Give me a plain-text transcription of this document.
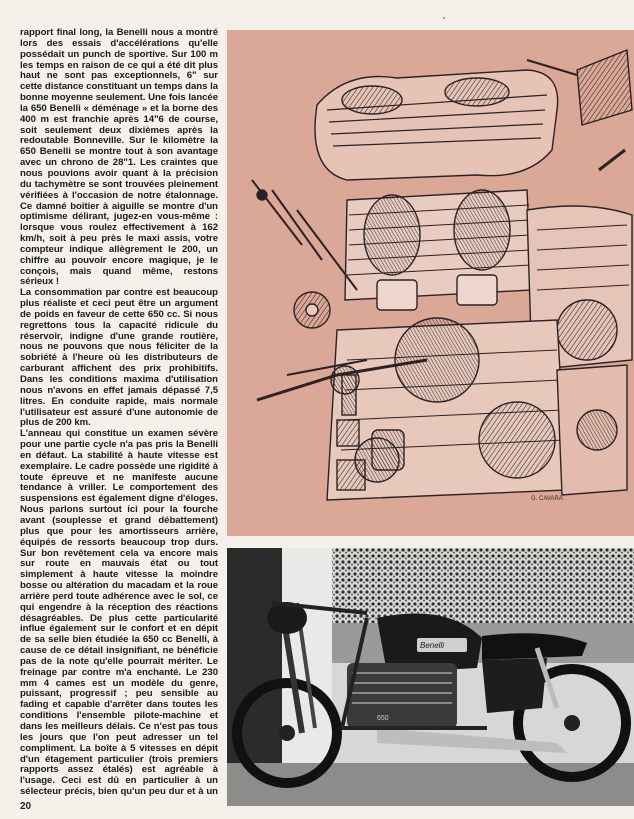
rapport final long, la Benelli nous a montré lors des essais d'accélérations qu'elle possédait un punch de sportive. Sur 100 m les temps en raison de ce qui a été dit plus haut ne sont pas exceptionnels, 6" sur cette distance constituant un temps dans la bonne moyenne seulement. Une fois lancée la 650 Benelli « déménage » et la borne des 400 m est franchie après 14"6 de course, soit seulement deux dixièmes après la redoutable Bonneville. Sur le kilomètre la 650 Benelli se montre tout à son avantage avec un chrono de 28"1. Les craintes que nous pouvions avoir quant à la précision du tachymètre se sont trouvées pleinement vérifiées à l'occasion de notre étalonnage. Ce damné boîtier à aiguille se montre d'un optimisme délirant, jugez-en vous-même : lorsque vous roulez effectivement à 162 km/h, soit à peu près le maxi assis, votre compteur indique allègrement le 200, un chiffre au pouvoir encore magique, je le conçois, mais quand même, restons sérieux !

La consommation par contre est beaucoup plus réaliste et ceci peut être un argument de poids en faveur de cette 650 cc. Si nous regrettons tous la capacité ridicule du réservoir, indigne d'une grande routière, nous ne pouvons que nous féliciter de la sobriété à l'heure où les distributeurs de carburant affichent des prix prohibitifs. Dans les conditions maxima d'utilisation nous n'avons en effet jamais dépassé 7,5 litres. En conduite rapide, mais normale l'utilisateur est assuré d'une autonomie de plus de 200 km.

L'anneau qui constitue un examen sévère pour une partie cycle n'a pas pris la Benelli en défaut. La stabilité à haute vitesse est exemplaire. Le cadre possède une rigidité à toute épreuve et ne manifeste aucune tendance à vriller. Le comportement des suspensions est également digne d'éloges. Nous parlons surtout ici pour la fourche avant (souplesse et grand débattement) plus que pour les amortisseurs arrière, équipés de ressorts beaucoup trop durs. Sur bon revêtement cela va encore mais sur route en mauvais état ou tout simplement à haute vitesse la moindre bosse ou altération du macadam et la roue arrière perd toute adhérence avec le sol, ce qui engendre à la réception des réactions désagréables. De plus cette particularité influe également sur le confort et en dépit de sa selle bien étudiée la 650 cc Benelli, à cause de ce détail insignifiant, ne bénéficie pas de la note qu'elle pourrait mériter. Le freinage par contre m'a enchanté. Le 230 mm 4 cames est un modèle du genre, puissant, progressif ; peu sensible au fading et capable d'arrêter dans toutes les conditions l'ensemble pilote-machine et dans les meilleurs délais. Ce n'est pas tous les jours que l'on peut adresser un tel compliment. La boîte à 5 vitesses en dépit d'un étagement particulier (trois premiers rapports assez étalés) est agréable à l'usage. Ceci est dû en particulier à un sélecteur précis, bien qu'un peu dur et à un

G. CAVARA
Benelli
650
20
